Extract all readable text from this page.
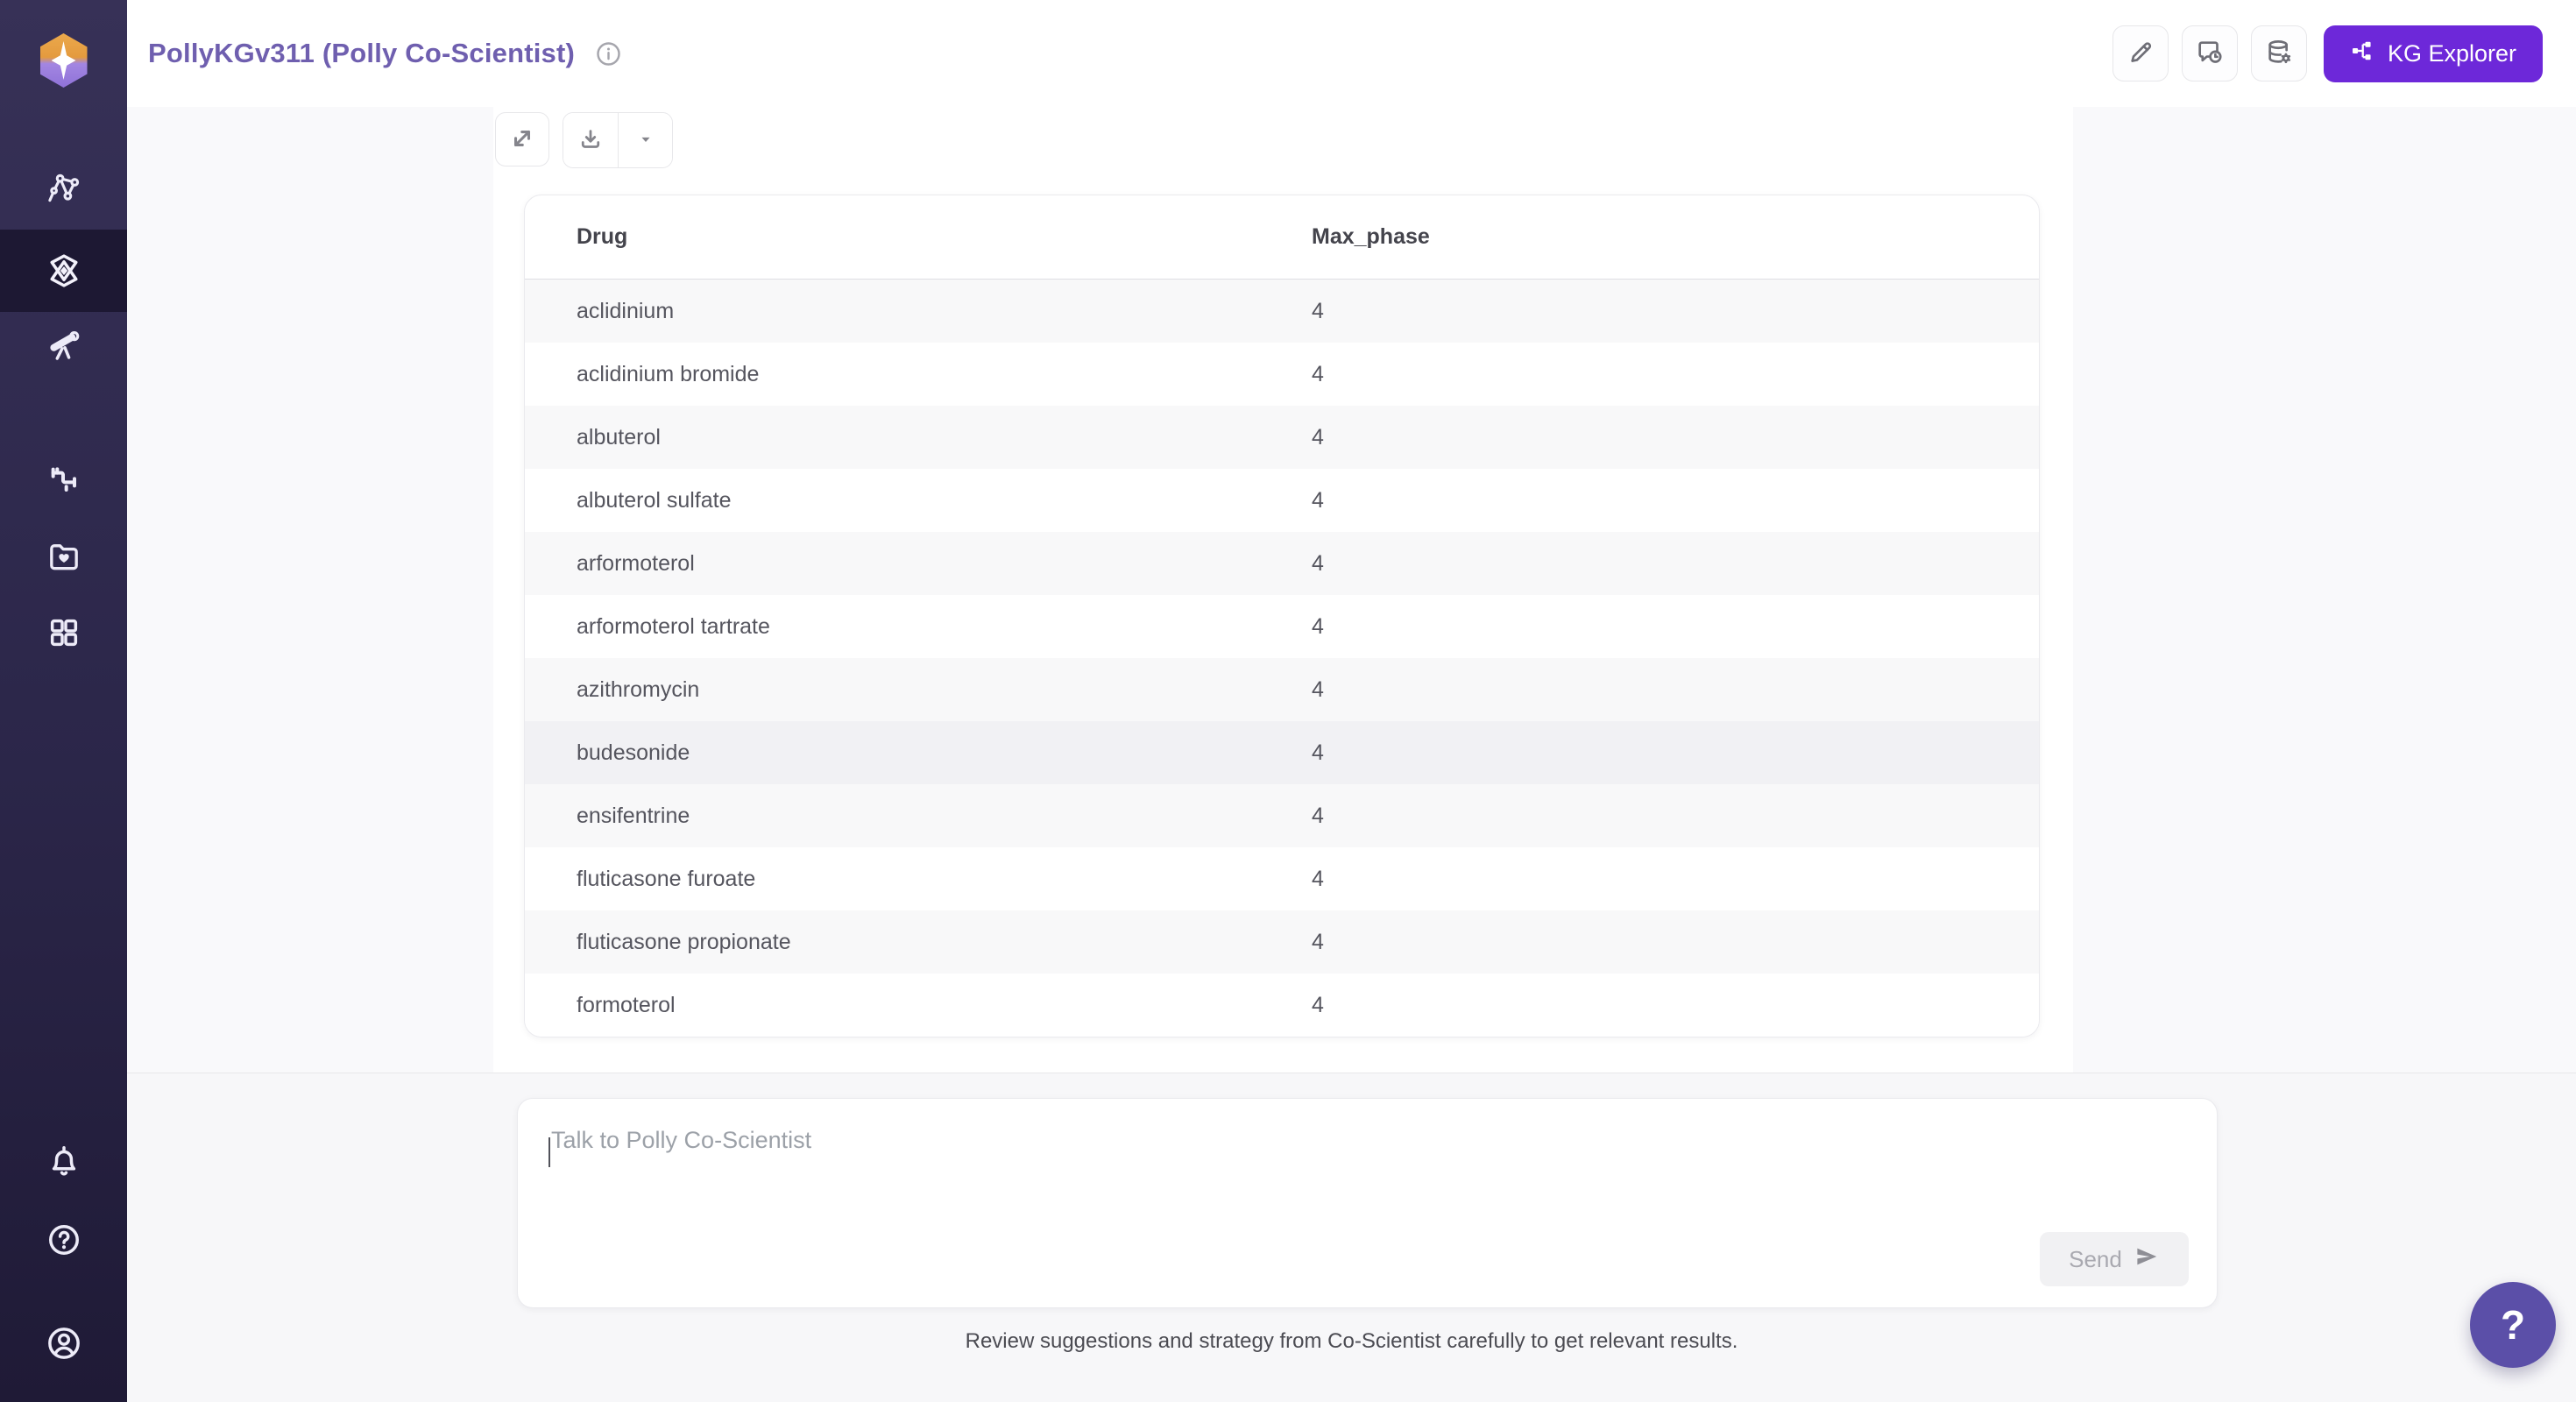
PollyKGv311 (Polly Co-Scientist)	KG Explorer
Drug	Max_phase
aclidinium	4
aclidinium bromide	4
albuterol	4
albuterol sulfate	4
arformoterol	4
arformoterol tartrate	4
azithromycin	4
budesonide	4
ensifentrine	4
fluticasone furoate	4
fluticasone propionate	4
formoterol	4
Talk to Polly Co-Scientist
Send
Review suggestions and strategy from Co-Scientist carefully to get relevant results.	?
